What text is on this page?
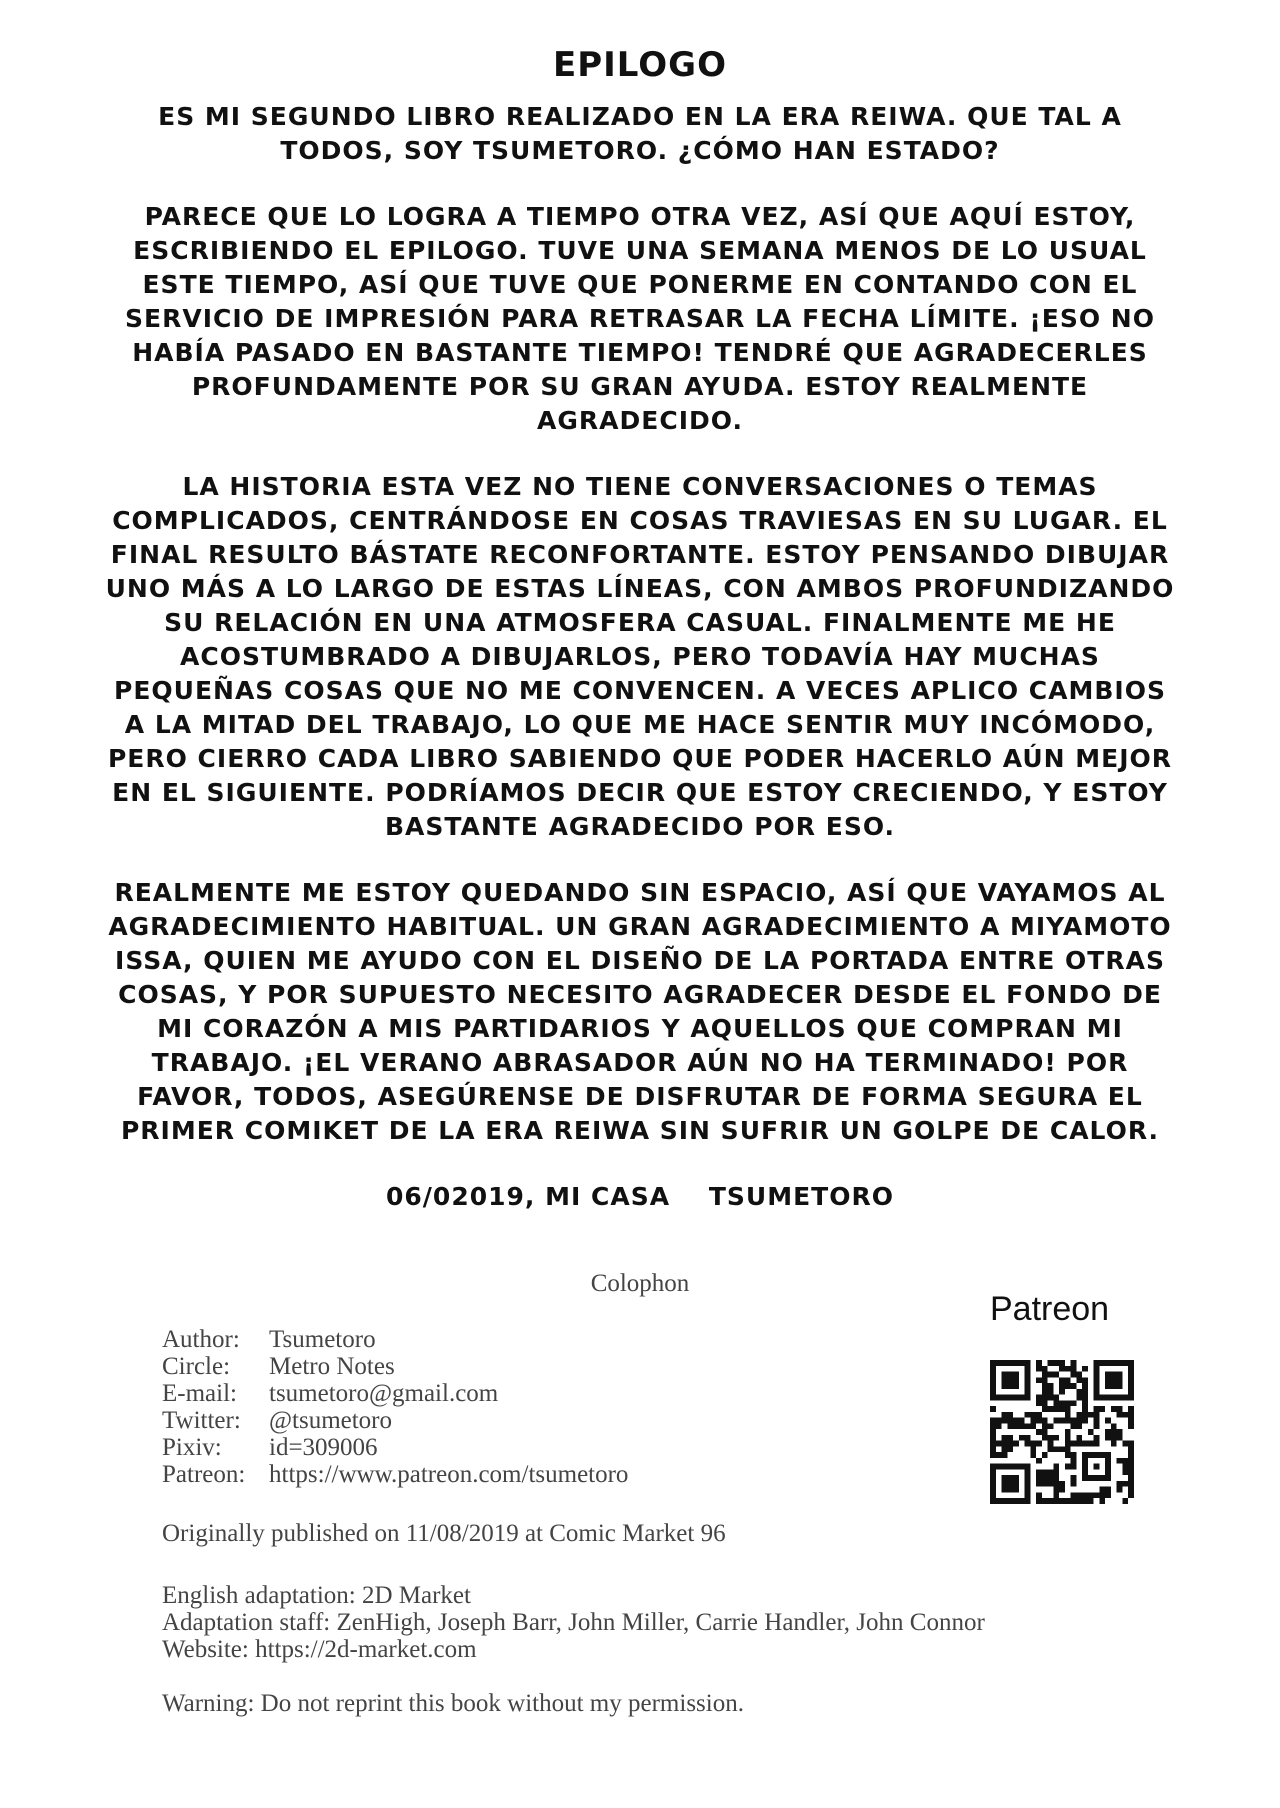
EPILOGO

ES MI SEGUNDO LIBRO REALIZADO EN LA ERA REIWA. QUE TAL A TODOS, SOY TSUMETORO. ¿CÓMO HAN ESTADO?

PARECE QUE LO LOGRA A TIEMPO OTRA VEZ, ASÍ QUE AQUÍ ESTOY, ESCRIBIENDO EL EPILOGO. TUVE UNA SEMANA MENOS DE LO USUAL ESTE TIEMPO, ASÍ QUE TUVE QUE PONERME EN CONTANDO CON EL SERVICIO DE IMPRESIÓN PARA RETRASAR LA FECHA LÍMITE. ¡ESO NO HABÍA PASADO EN BASTANTE TIEMPO! TENDRÉ QUE AGRADECERLES PROFUNDAMENTE POR SU GRAN AYUDA. ESTOY REALMENTE AGRADECIDO.

LA HISTORIA ESTA VEZ NO TIENE CONVERSACIONES O TEMAS COMPLICADOS, CENTRÁNDOSE EN COSAS TRAVIESAS EN SU LUGAR. EL FINAL RESULTO BÁSTATE RECONFORTANTE. ESTOY PENSANDO DIBUJAR UNO MÁS A LO LARGO DE ESTAS LÍNEAS, CON AMBOS PROFUNDIZANDO SU RELACIÓN EN UNA ATMOSFERA CASUAL. FINALMENTE ME HE ACOSTUMBRADO A DIBUJARLOS, PERO TODAVÍA HAY MUCHAS PEQUEÑAS COSAS QUE NO ME CONVENCEN. A VECES APLICO CAMBIOS A LA MITAD DEL TRABAJO, LO QUE ME HACE SENTIR MUY INCÓMODO, PERO CIERRO CADA LIBRO SABIENDO QUE PODER HACERLO AÚN MEJOR EN EL SIGUIENTE. PODRÍAMOS DECIR QUE ESTOY CRECIENDO, Y ESTOY BASTANTE AGRADECIDO POR ESO.

REALMENTE ME ESTOY QUEDANDO SIN ESPACIO, ASÍ QUE VAYAMOS AL AGRADECIMIENTO HABITUAL. UN GRAN AGRADECIMIENTO A MIYAMOTO ISSA, QUIEN ME AYUDO CON EL DISEÑO DE LA PORTADA ENTRE OTRAS COSAS, Y POR SUPUESTO NECESITO AGRADECER DESDE EL FONDO DE MI CORAZÓN A MIS PARTIDARIOS Y AQUELLOS QUE COMPRAN MI TRABAJO. ¡EL VERANO ABRASADOR AÚN NO HA TERMINADO! POR FAVOR, TODOS, ASEGÚRENSE DE DISFRUTAR DE FORMA SEGURA EL PRIMER COMIKET DE LA ERA REIWA SIN SUFRIR UN GOLPE DE CALOR.

06/02019, MI CASA    TSUMETORO
Colophon
Author:	Tsumetoro
Circle:	Metro Notes
E-mail:	tsumetoro@gmail.com
Twitter:	@tsumetoro
Pixiv:	id=309006
Patreon: https://www.patreon.com/tsumetoro
Originally published on 11/08/2019 at Comic Market 96
English adaptation: 2D Market
Adaptation staff: ZenHigh, Joseph Barr, John Miller, Carrie Handler, John Connor
Website: https://2d-market.com
Warning: Do not reprint this book without my permission.
Patreon
